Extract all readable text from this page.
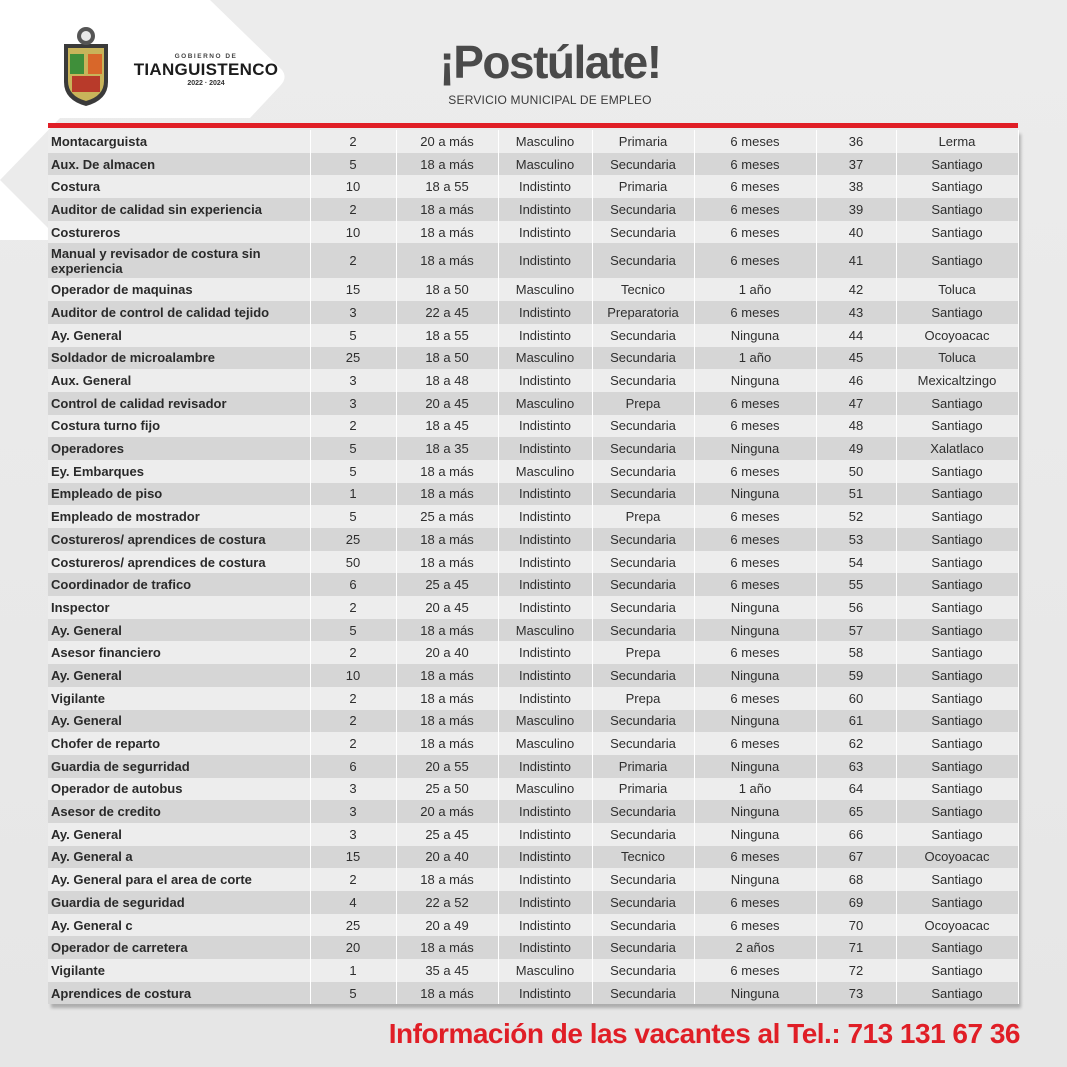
GOBIERNO DE
TIANGUISTENCO
2022 · 2024	¡Postúlate!
SERVICIO MUNICIPAL DE EMPLEO
Montacarguista	2	20 a más	Masculino	Primaria	6 meses	36	Lerma
Aux. De almacen	5	18 a más	Masculino	Secundaria	6 meses	37	Santiago
Costura	10	18 a 55	Indistinto	Primaria	6 meses	38	Santiago
Auditor de calidad sin experiencia	2	18 a más	Indistinto	Secundaria	6 meses	39	Santiago
Costureros	10	18 a más	Indistinto	Secundaria	6 meses	40	Santiago
Manual y revisador de costura sin experiencia	2	18 a más	Indistinto	Secundaria	6 meses	41	Santiago
Operador de maquinas	15	18 a 50	Masculino	Tecnico	1 año	42	Toluca
Auditor de control de calidad tejido	3	22 a 45	Indistinto	Preparatoria	6 meses	43	Santiago
Ay. General	5	18 a 55	Indistinto	Secundaria	Ninguna	44	Ocoyoacac
Soldador de microalambre	25	18 a 50	Masculino	Secundaria	1 año	45	Toluca
Aux. General	3	18 a 48	Indistinto	Secundaria	Ninguna	46	Mexicaltzingo
Control de calidad revisador	3	20 a 45	Masculino	Prepa	6 meses	47	Santiago
Costura turno fijo	2	18 a 45	Indistinto	Secundaria	6 meses	48	Santiago
Operadores	5	18 a 35	Indistinto	Secundaria	Ninguna	49	Xalatlaco
Ey. Embarques	5	18 a más	Masculino	Secundaria	6 meses	50	Santiago
Empleado de piso	1	18 a más	Indistinto	Secundaria	Ninguna	51	Santiago
Empleado de mostrador	5	25 a más	Indistinto	Prepa	6 meses	52	Santiago
Costureros/ aprendices de costura	25	18 a más	Indistinto	Secundaria	6 meses	53	Santiago
Costureros/ aprendices de costura	50	18 a más	Indistinto	Secundaria	6 meses	54	Santiago
Coordinador de trafico	6	25 a 45	Indistinto	Secundaria	6 meses	55	Santiago
Inspector	2	20 a 45	Indistinto	Secundaria	Ninguna	56	Santiago
Ay. General	5	18 a más	Masculino	Secundaria	Ninguna	57	Santiago
Asesor financiero	2	20 a 40	Indistinto	Prepa	6 meses	58	Santiago
Ay. General	10	18 a más	Indistinto	Secundaria	Ninguna	59	Santiago
Vigilante	2	18 a más	Indistinto	Prepa	6 meses	60	Santiago
Ay. General	2	18 a más	Masculino	Secundaria	Ninguna	61	Santiago
Chofer de reparto	2	18 a más	Masculino	Secundaria	6 meses	62	Santiago
Guardia de segurridad	6	20 a 55	Indistinto	Primaria	Ninguna	63	Santiago
Operador de autobus	3	25 a 50	Masculino	Primaria	1 año	64	Santiago
Asesor de credito	3	20 a más	Indistinto	Secundaria	Ninguna	65	Santiago
Ay. General	3	25 a 45	Indistinto	Secundaria	Ninguna	66	Santiago
Ay. General a	15	20 a 40	Indistinto	Tecnico	6 meses	67	Ocoyoacac
Ay. General para el area de corte	2	18 a más	Indistinto	Secundaria	Ninguna	68	Santiago
Guardia de seguridad	4	22 a 52	Indistinto	Secundaria	6 meses	69	Santiago
Ay. General c	25	20 a 49	Indistinto	Secundaria	6 meses	70	Ocoyoacac
Operador de carretera	20	18 a más	Indistinto	Secundaria	2 años	71	Santiago
Vigilante	1	35 a 45	Masculino	Secundaria	6 meses	72	Santiago
Aprendices de costura	5	18 a más	Indistinto	Secundaria	Ninguna	73	Santiago
Información de las vacantes al Tel.: 713 131 67 36
